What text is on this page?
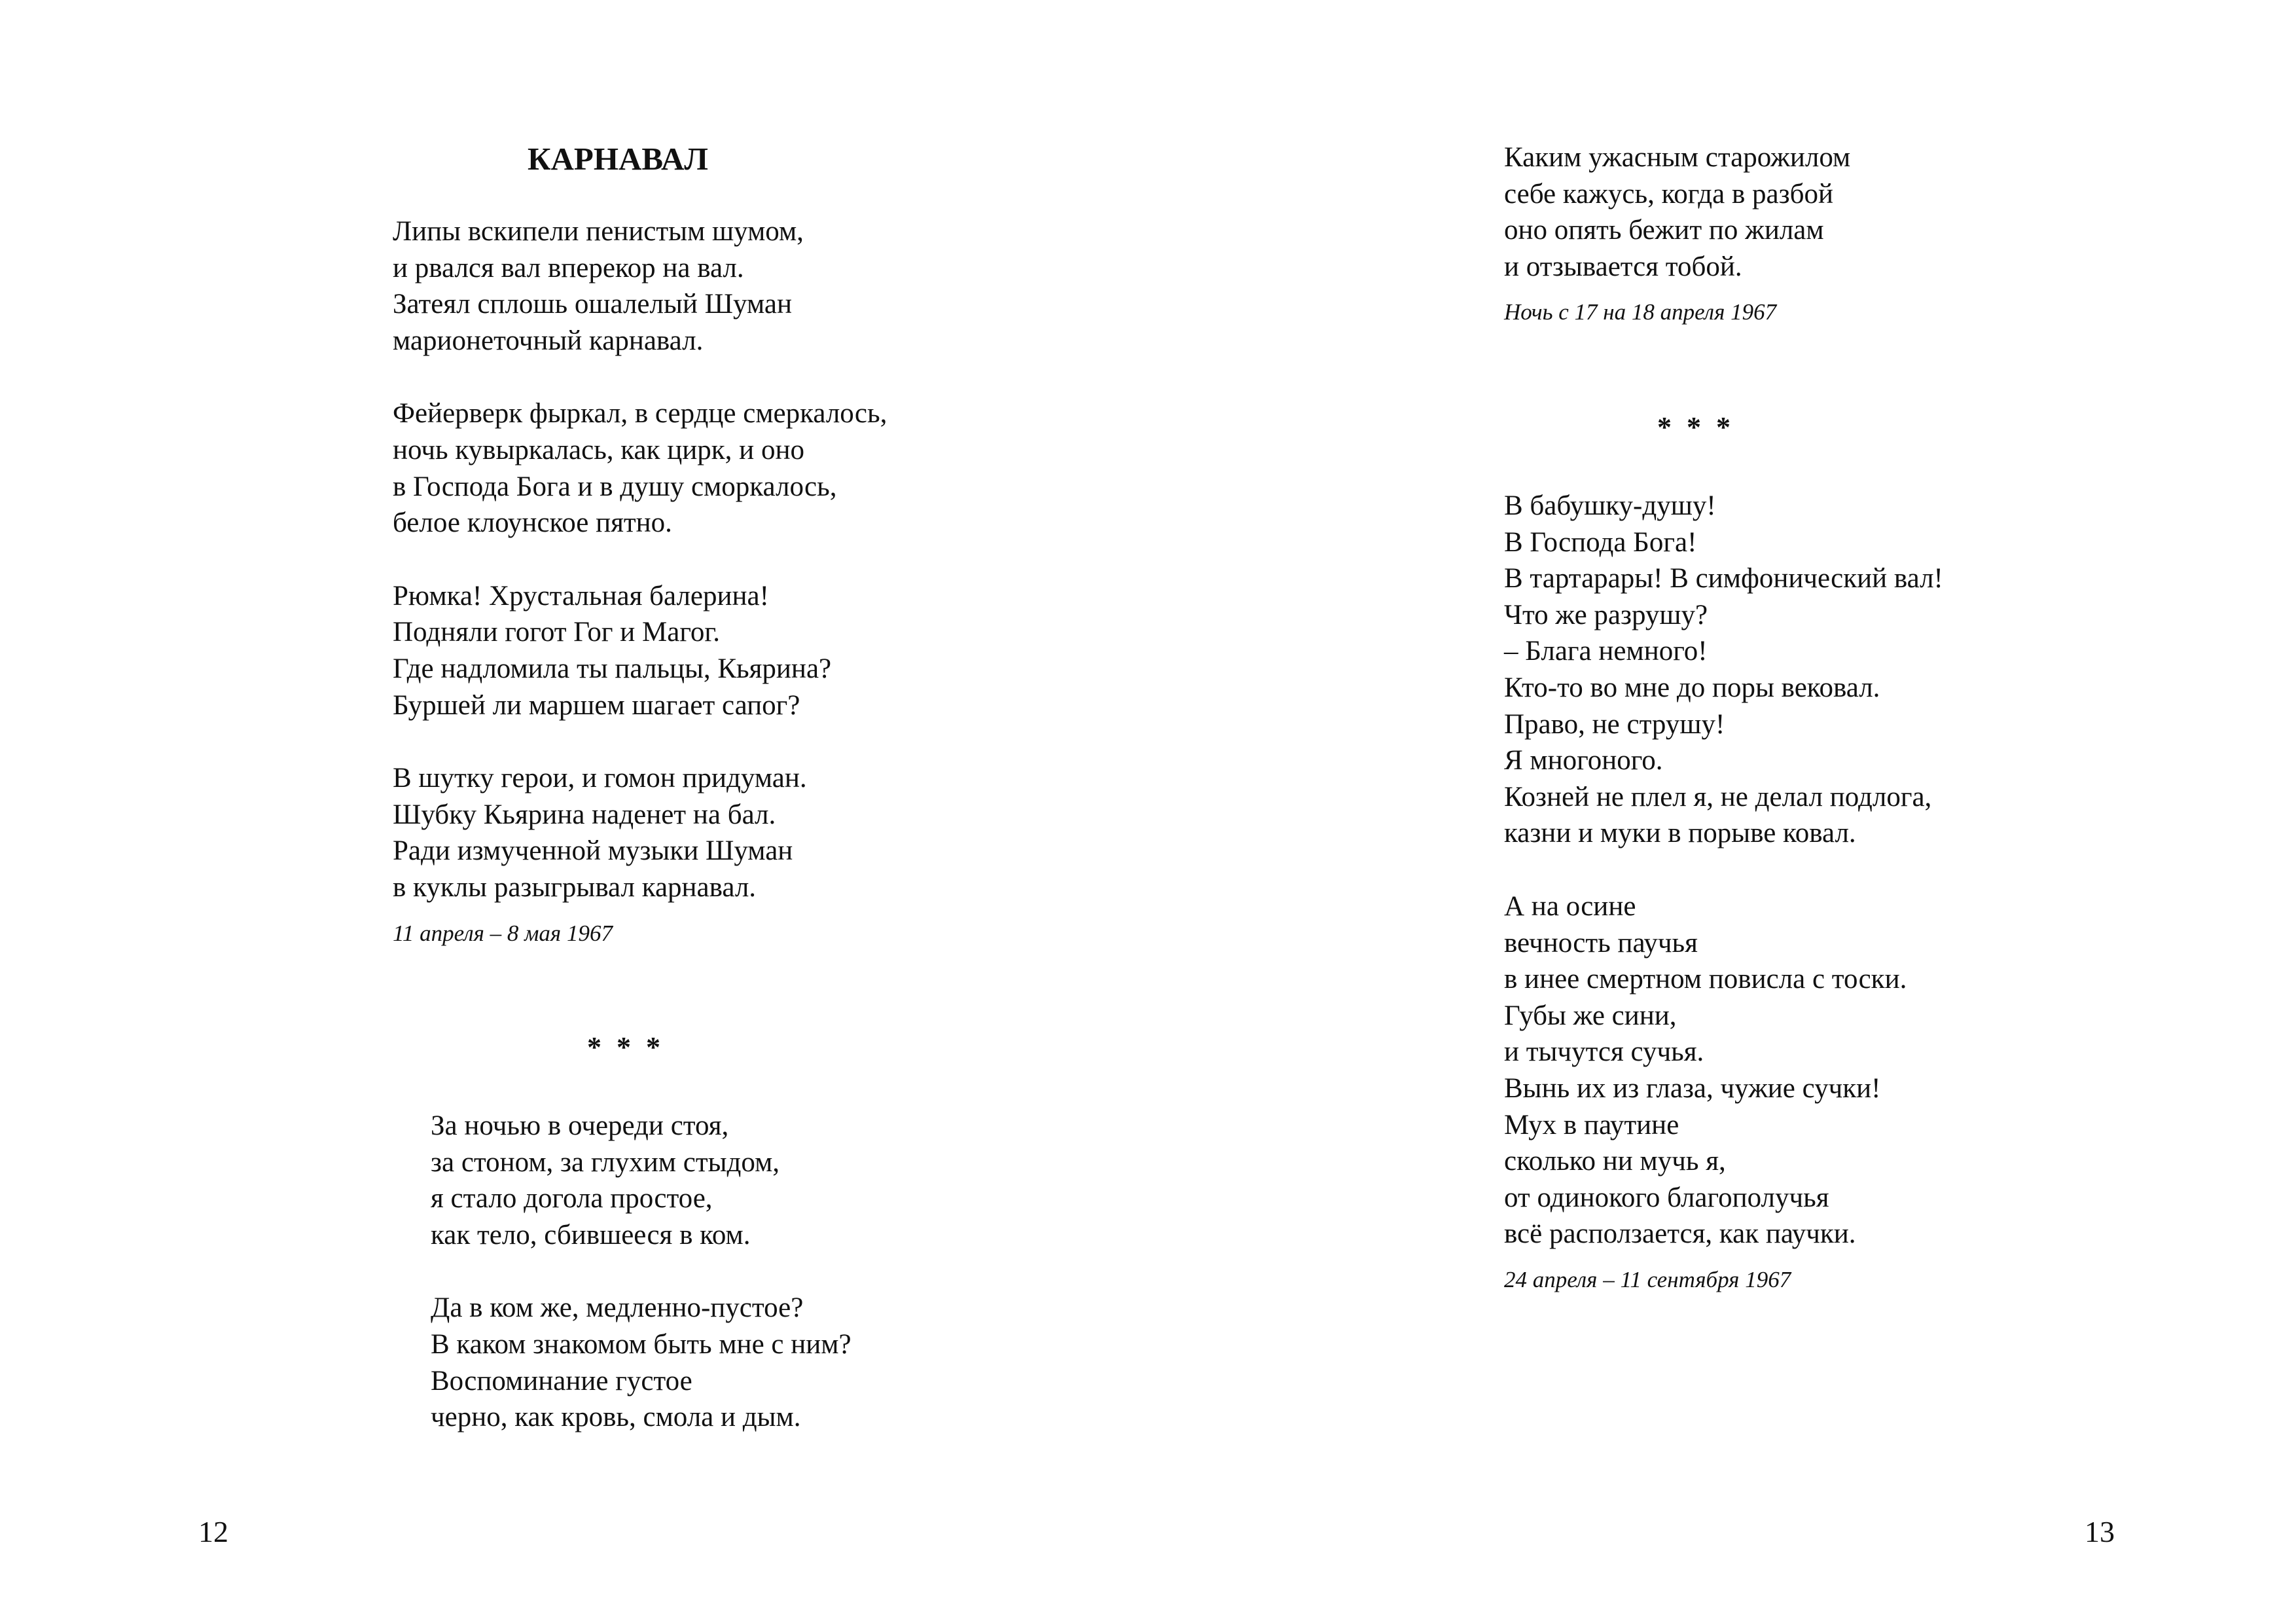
КАРНАВАЛ
Липы вскипели пенистым шумом,
и рвался вал вперекор на вал.
Затеял сплошь ошалелый Шуман
марионеточный карнавал.
Фейерверк фыркал, в сердце смеркалось,
ночь кувыркалась, как цирк, и оно
в Господа Бога и в душу сморкалось,
белое клоунское пятно.
Рюмка! Хрустальная балерина!
Подняли гогот Гог и Магог.
Где надломила ты пальцы, Кьярина?
Буршей ли маршем шагает сапог?
В шутку герои, и гомон придуман.
Шубку Кьярина наденет на бал.
Ради измученной музыки Шуман
в куклы разыгрывал карнавал.
11 апреля – 8 мая 1967
* * *
За ночью в очереди стоя,
за стоном, за глухим стыдом,
я стало догола простое,
как тело, сбившееся в ком.
Да в ком же, медленно-пустое?
В каком знакомом быть мне с ним?
Воспоминание густое
черно, как кровь, смола и дым.
12
Каким ужасным старожилом
себе кажусь, когда в разбой
оно опять бежит по жилам
и отзывается тобой.
Ночь с 17 на 18 апреля 1967
* * *
В бабушку-душу!
В Господа Бога!
В тартарары! В симфонический вал!
Что же разрушу?
– Блага немного!
Кто-то во мне до поры вековал.
Право, не струшу!
Я многоного.
Козней не плел я, не делал подлога,
казни и муки в порыве ковал.
А на осине
вечность паучья
в инее смертном повисла с тоски.
Губы же сини,
и тычутся сучья.
Вынь их из глаза, чужие сучки!
Мух в паутине
сколько ни мучь я,
от одинокого благополучья
всё расползается, как паучки.
24 апреля – 11 сентября 1967
13
